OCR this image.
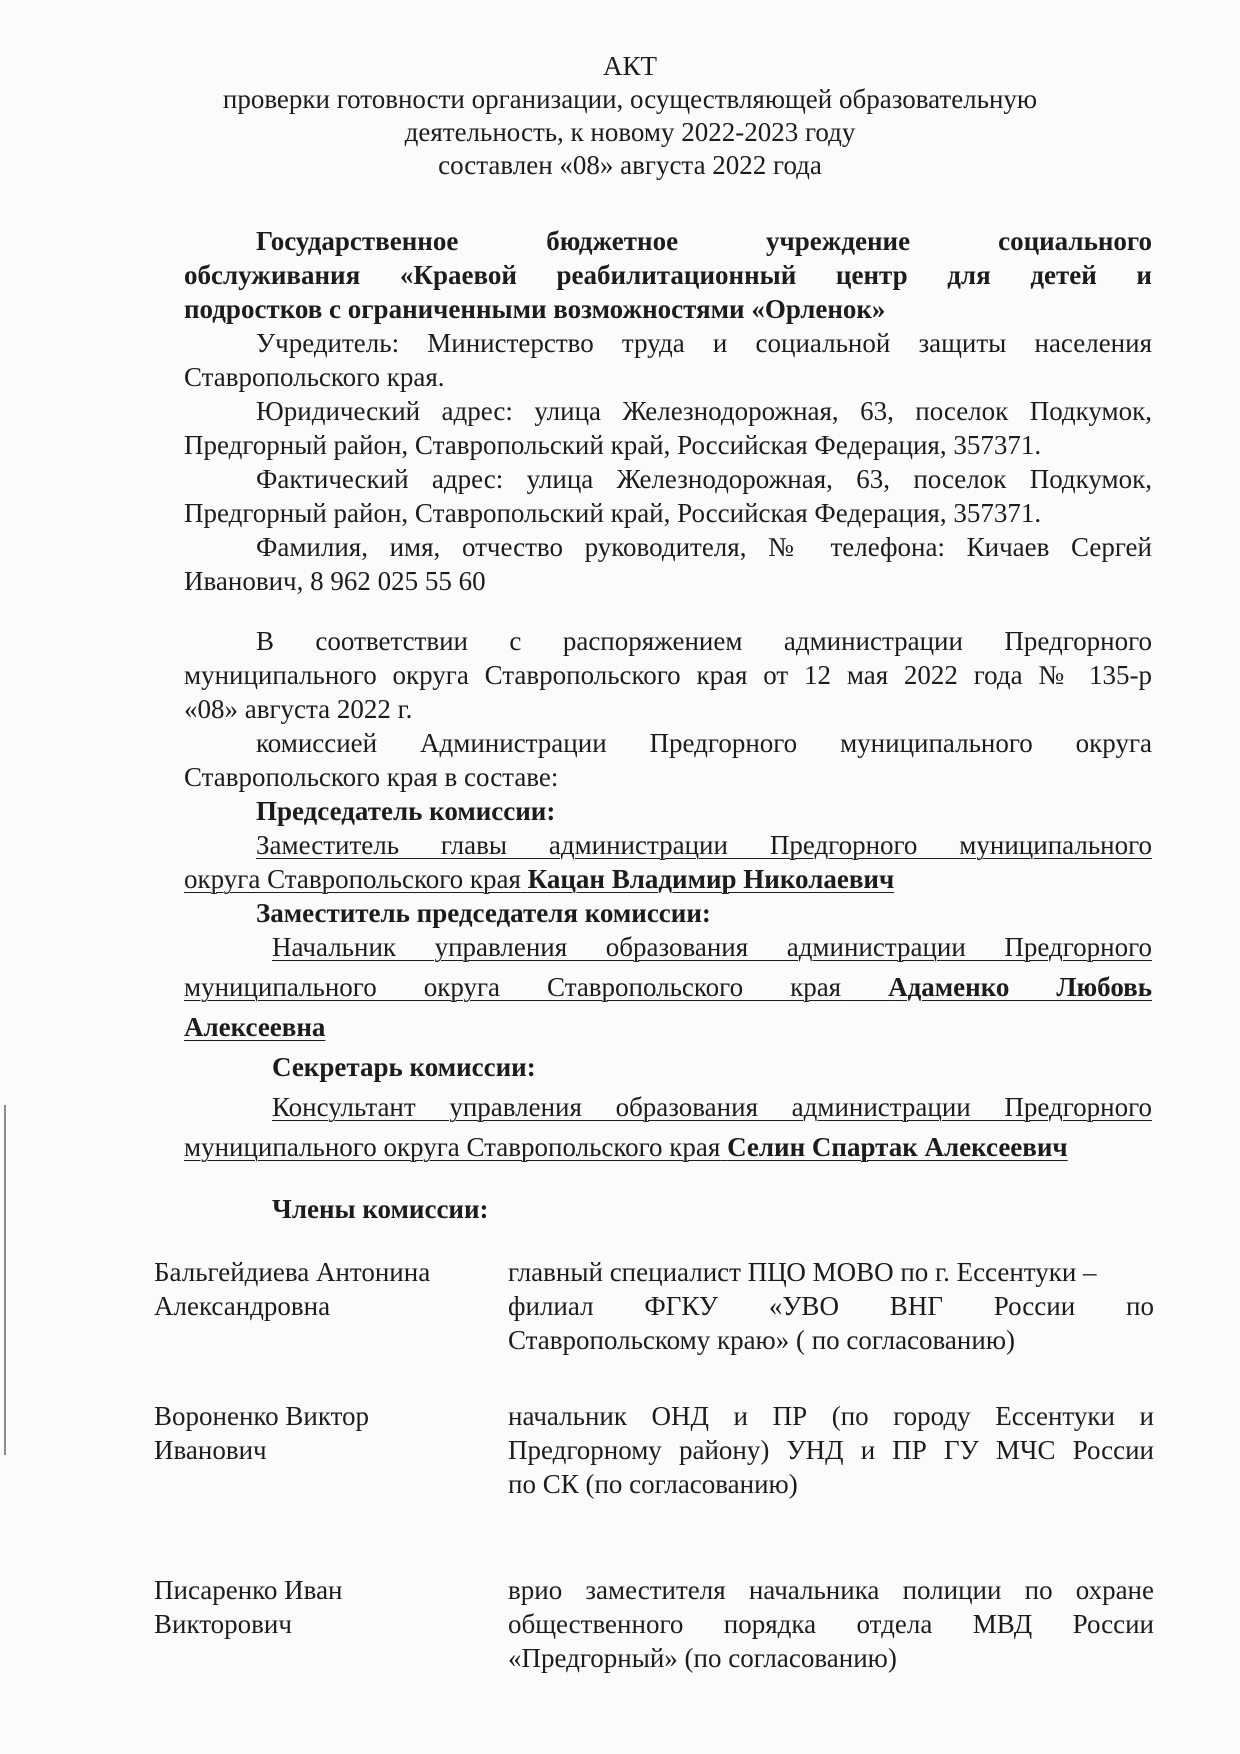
АКТ

проверки готовности организации, осуществляющей образовательную

деятельность, к новому 2022-2023 году

составлен «08» августа 2022 года

Государственное бюджетное учреждение социального

обслуживания «Краевой реабилитационный центр для детей и

подростков с ограниченными возможностями «Орленок»

Учредитель: Министерство труда и социальной защиты населения

Ставропольского края.

Юридический адрес: улица Железнодорожная, 63, поселок Подкумок,

Предгорный район, Ставропольский край, Российская Федерация, 357371.

Фактический адрес: улица Железнодорожная, 63, поселок Подкумок,

Предгорный район, Ставропольский край, Российская Федерация, 357371.

Фамилия, имя, отчество руководителя, № телефона: Кичаев Сергей

Иванович, 8 962 025 55 60

В соответствии с распоряжением администрации Предгорного

муниципального округа Ставропольского края от 12 мая 2022 года № 135-р

«08» августа 2022 г.

комиссией Администрации Предгорного муниципального округа

Ставропольского края в составе:

Председатель комиссии:

Заместитель главы администрации Предгорного муниципального

округа Ставропольского края Кацан Владимир Николаевич

Заместитель председателя комиссии:

Начальник управления образования администрации Предгорного

муниципального округа Ставропольского края Адаменко Любовь

Алексеевна

Секретарь комиссии:

Консультант управления образования администрации Предгорного

муниципального округа Ставропольского края Селин Спартак Алексеевич

Члены комиссии:

Бальгейдиева Антонина

Александровна

главный специалист ПЦО МОВО по г. Ессентуки –

филиал ФГКУ «УВО ВНГ России по

Ставропольскому краю» ( по согласованию)

Вороненко Виктор

Иванович

начальник ОНД и ПР (по городу Ессентуки и

Предгорному району) УНД и ПР ГУ МЧС России

по СК (по согласованию)

Писаренко Иван

Викторович

врио заместителя начальника полиции по охране

общественного порядка отдела МВД России

«Предгорный» (по согласованию)
